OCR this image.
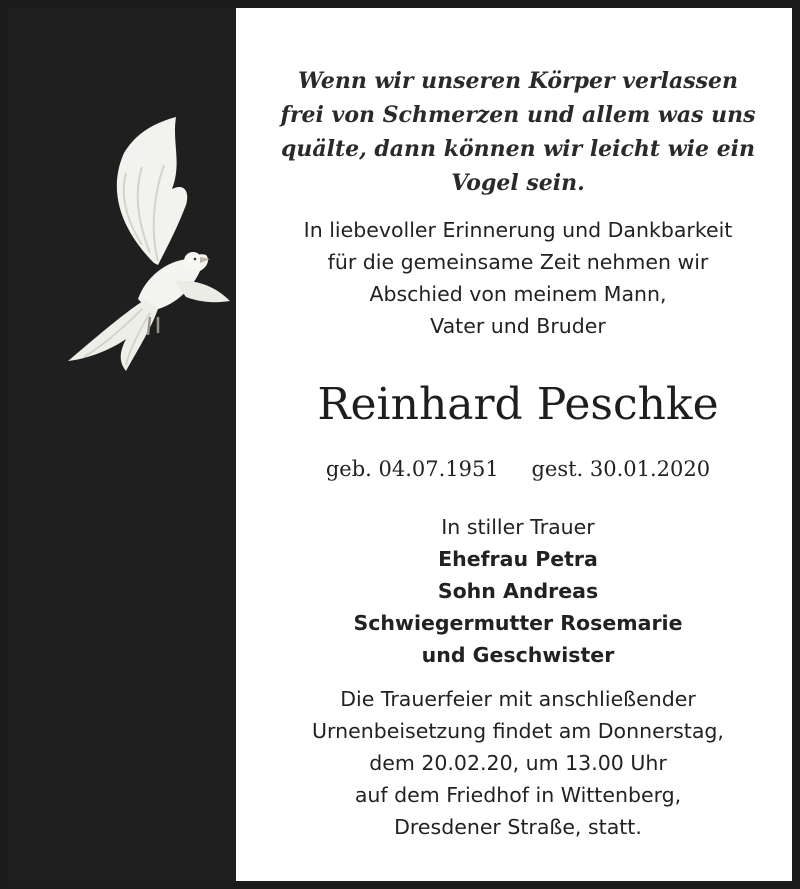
Wenn wir unseren Körper verlassen
frei von Schmerzen und allem was uns
quälte, dann können wir leicht wie ein
Vogel sein.
In liebevoller Erinnerung und Dankbarkeit
für die gemeinsame Zeit nehmen wir
Abschied von meinem Mann,
Vater und Bruder
Reinhard Peschke
geb. 04.07.1951 gest. 30.01.2020
In stiller Trauer
Ehefrau Petra
Sohn Andreas
Schwiegermutter Rosemarie
und Geschwister
Die Trauerfeier mit anschließender
Urnenbeisetzung findet am Donnerstag,
dem 20.02.20, um 13.00 Uhr
auf dem Friedhof in Wittenberg,
Dresdener Straße, statt.
